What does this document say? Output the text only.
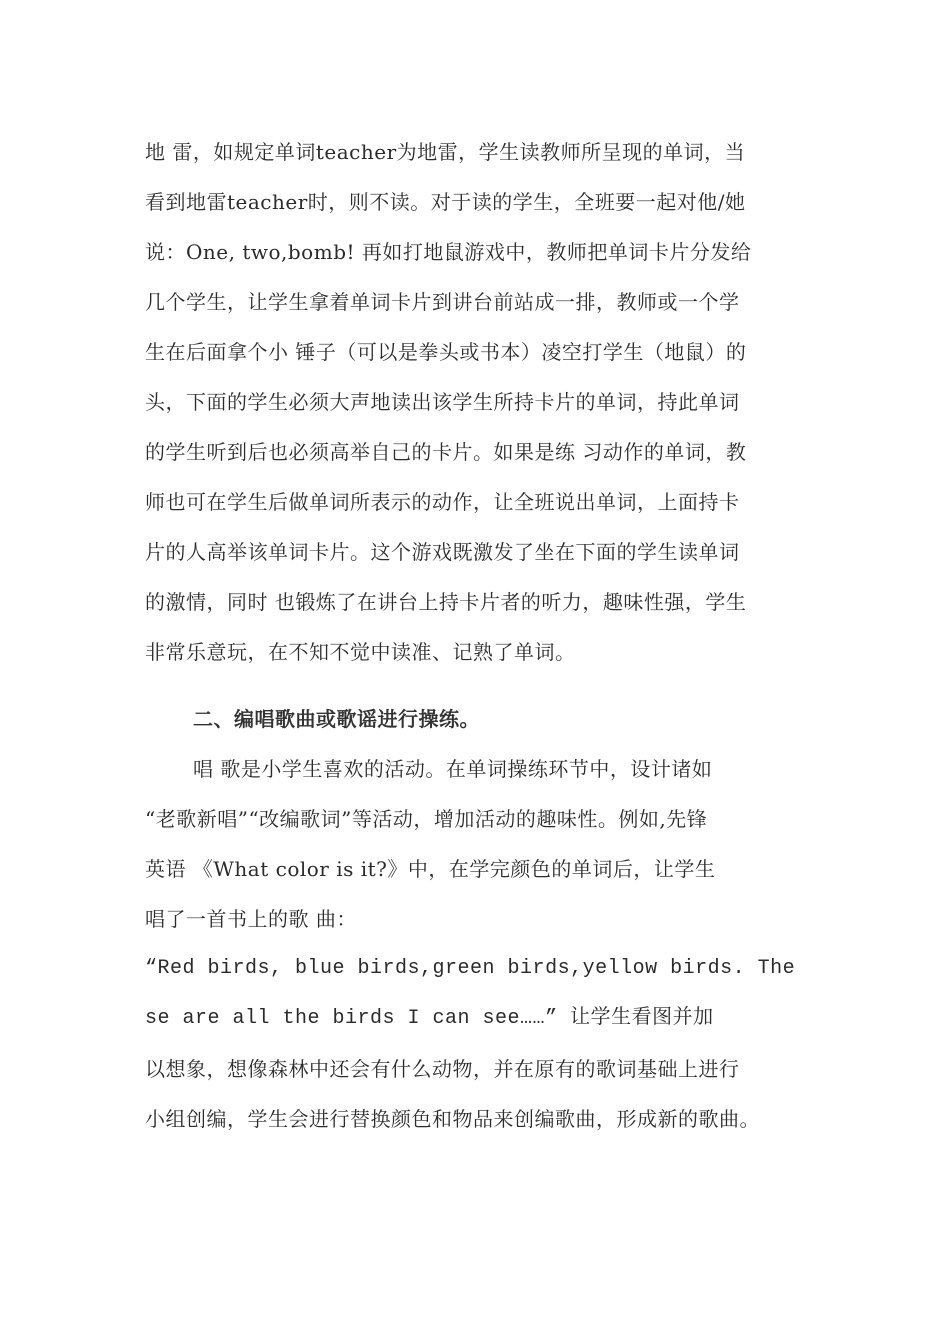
地 雷，如规定单词teacher为地雷，学生读教师所呈现的单词，当
看到地雷teacher时，则不读。对于读的学生，全班要一起对他/她
说：One, two,bomb! 再如打地鼠游戏中，教师把单词卡片分发给
几个学生，让学生拿着单词卡片到讲台前站成一排，教师或一个学
生在后面拿个小 锤子（可以是拳头或书本）凌空打学生（地鼠）的
头，下面的学生必须大声地读出该学生所持卡片的单词，持此单词
的学生听到后也必须高举自己的卡片。如果是练 习动作的单词，教
师也可在学生后做单词所表示的动作，让全班说出单词，上面持卡
片的人高举该单词卡片。这个游戏既激发了坐在下面的学生读单词
的激情，同时 也锻炼了在讲台上持卡片者的听力，趣味性强，学生
非常乐意玩，在不知不觉中读准、记熟了单词。
二、编唱歌曲或歌谣进行操练。
唱 歌是小学生喜欢的活动。在单词操练环节中，设计诸如
“老歌新唱”“改编歌词”等活动，增加活动的趣味性。例如,先锋
英语 《What color is it?》中，在学完颜色的单词后，让学生
唱了一首书上的歌 曲：
“Red birds, blue birds,green birds,yellow birds. The
se are all the birds I can see……” 让学生看图并加
以想象，想像森林中还会有什么动物，并在原有的歌词基础上进行
小组创编，学生会进行替换颜色和物品来创编歌曲，形成新的歌曲。
